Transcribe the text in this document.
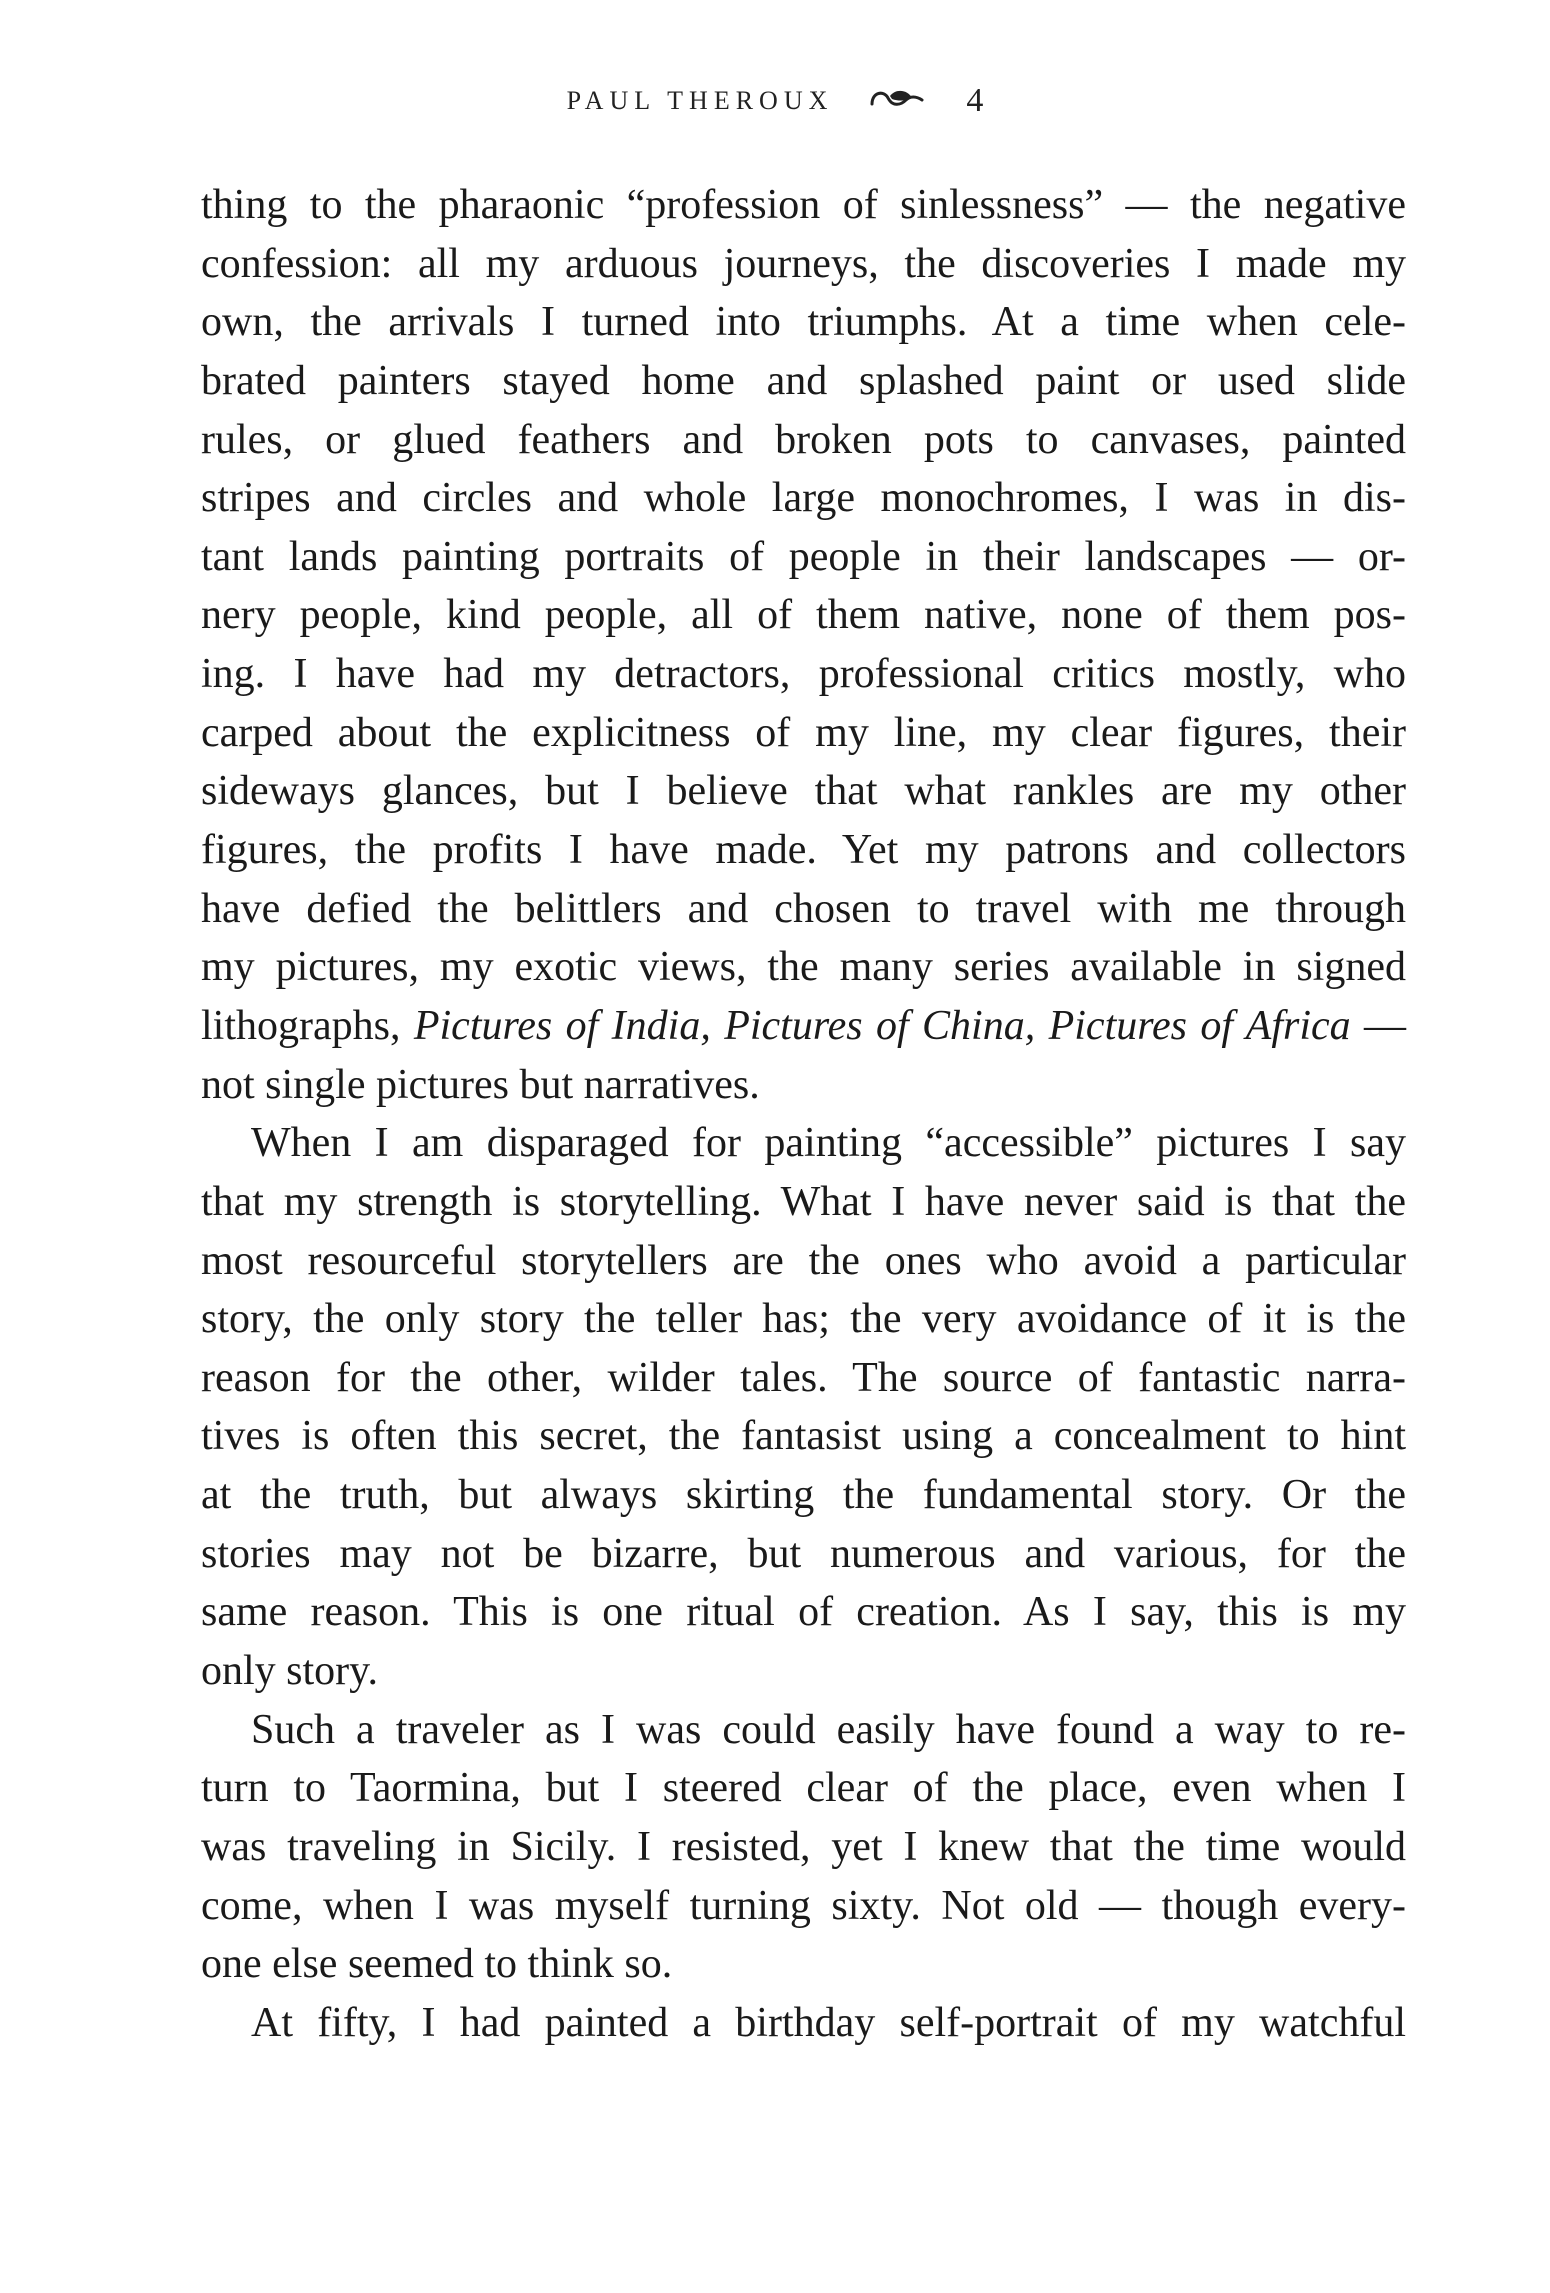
PAUL THEROUX	4
thing to the pharaonic “profession of sinlessness” — the negative
confession: all my arduous journeys, the discoveries I made my
own, the arrivals I turned into triumphs. At a time when cele-
brated painters stayed home and splashed paint or used slide
rules, or glued feathers and broken pots to canvases, painted
stripes and circles and whole large monochromes, I was in dis-
tant lands painting portraits of people in their landscapes — or-
nery people, kind people, all of them native, none of them pos-
ing. I have had my detractors, professional critics mostly, who
carped about the explicitness of my line, my clear figures, their
sideways glances, but I believe that what rankles are my other
figures, the profits I have made. Yet my patrons and collectors
have defied the belittlers and chosen to travel with me through
my pictures, my exotic views, the many series available in signed
lithographs, Pictures of India, Pictures of China, Pictures of Africa —
not single pictures but narratives.
When I am disparaged for painting “accessible” pictures I say
that my strength is storytelling. What I have never said is that the
most resourceful storytellers are the ones who avoid a particular
story, the only story the teller has; the very avoidance of it is the
reason for the other, wilder tales. The source of fantastic narra-
tives is often this secret, the fantasist using a concealment to hint
at the truth, but always skirting the fundamental story. Or the
stories may not be bizarre, but numerous and various, for the
same reason. This is one ritual of creation. As I say, this is my
only story.
Such a traveler as I was could easily have found a way to re-
turn to Taormina, but I steered clear of the place, even when I
was traveling in Sicily. I resisted, yet I knew that the time would
come, when I was myself turning sixty. Not old — though every-
one else seemed to think so.
At fifty, I had painted a birthday self-portrait of my watchful
